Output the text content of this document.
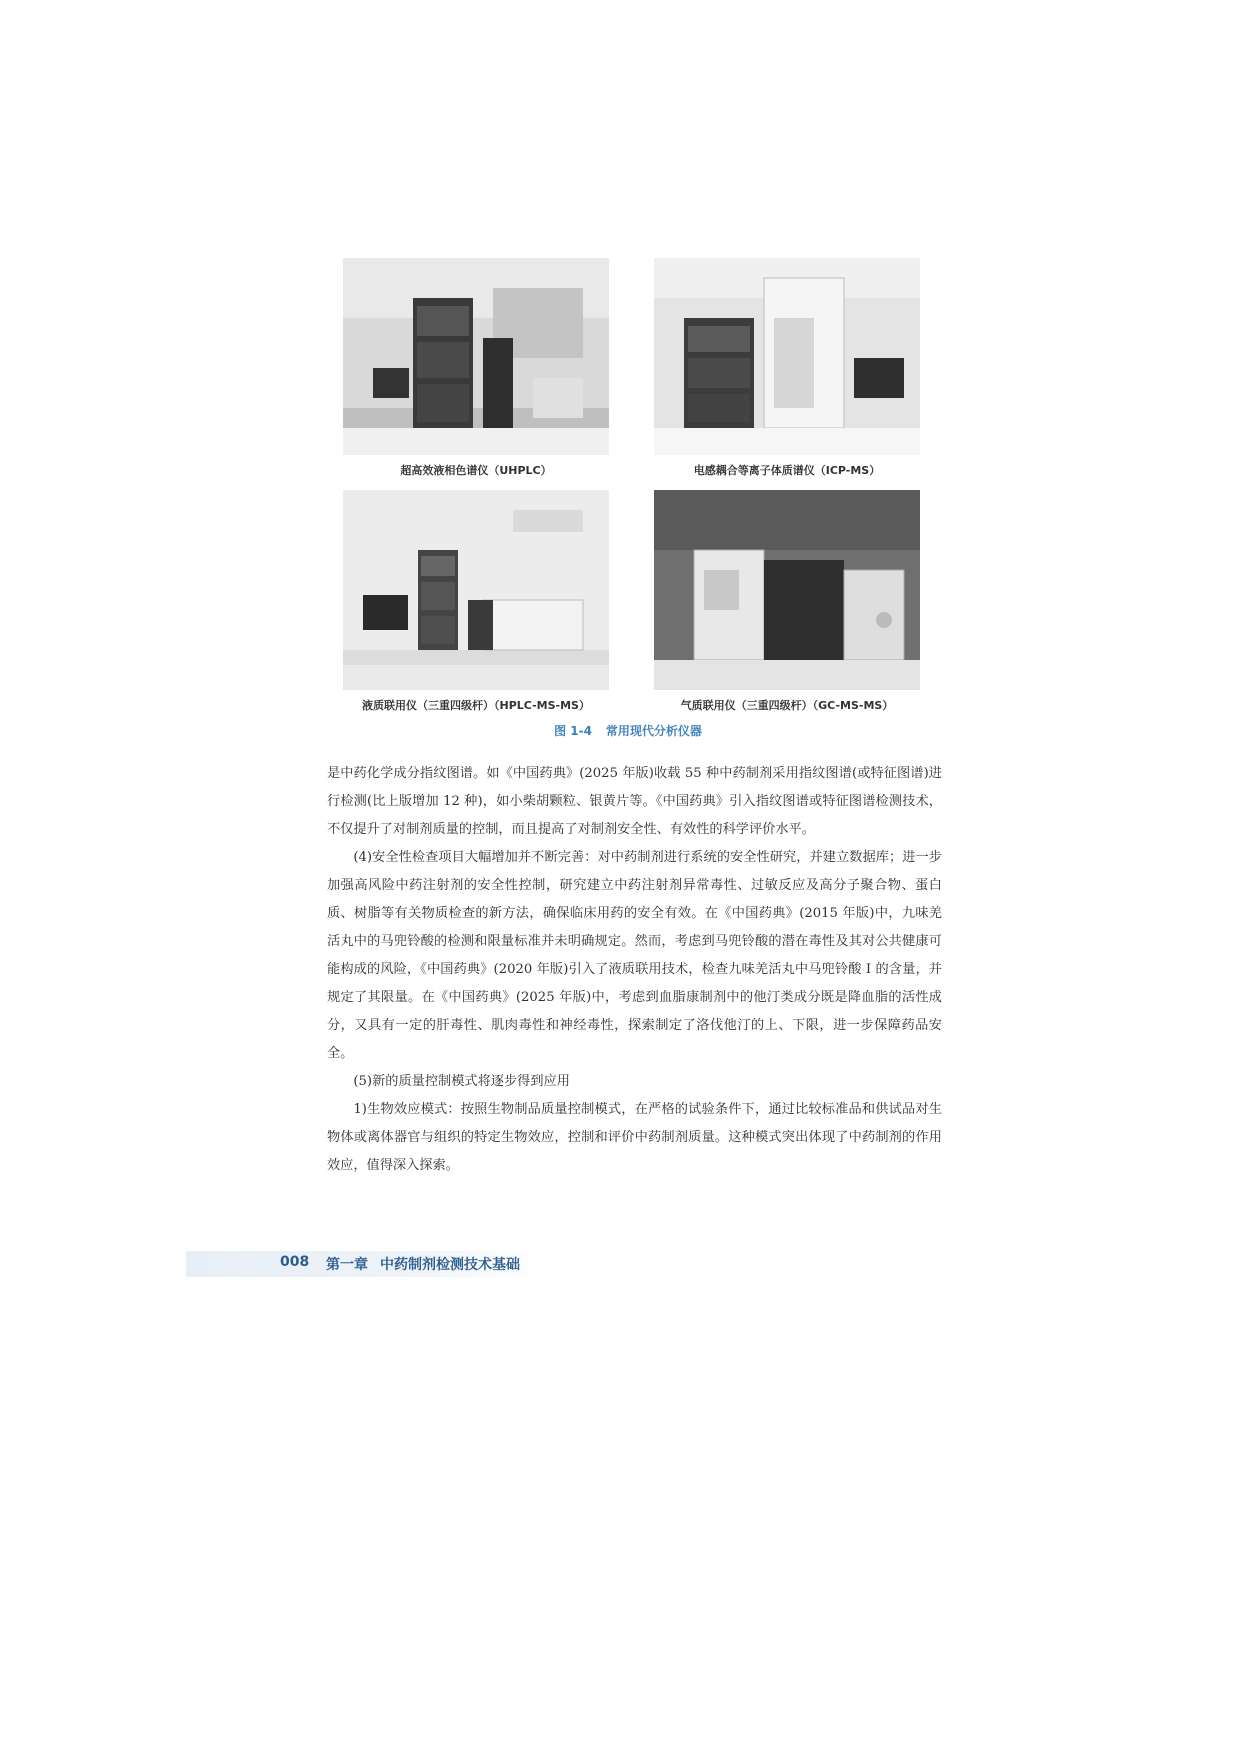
超高效液相色谱仪（UHPLC）	电感耦合等离子体质谱仪（ICP-MS）
液质联用仪（三重四级杆）（HPLC-MS-MS）	气质联用仪（三重四级杆）（GC-MS-MS）
图 1-4 常用现代分析仪器

是中药化学成分指纹图谱。如《中国药典》(2025 年版)收载 55 种中药制剂采用指纹图谱(或特征图谱)进行检测(比上版增加 12 种)，如小柴胡颗粒、银黄片等。《中国药典》引入指纹图谱或特征图谱检测技术，不仅提升了对制剂质量的控制，而且提高了对制剂安全性、有效性的科学评价水平。

(4)安全性检查项目大幅增加并不断完善：对中药制剂进行系统的安全性研究，并建立数据库；进一步加强高风险中药注射剂的安全性控制，研究建立中药注射剂异常毒性、过敏反应及高分子聚合物、蛋白质、树脂等有关物质检查的新方法，确保临床用药的安全有效。在《中国药典》(2015 年版)中，九味羌活丸中的马兜铃酸的检测和限量标准并未明确规定。然而，考虑到马兜铃酸的潜在毒性及其对公共健康可能构成的风险，《中国药典》(2020 年版)引入了液质联用技术，检查九味羌活丸中马兜铃酸 Ⅰ 的含量，并规定了其限量。在《中国药典》(2025 年版)中，考虑到血脂康制剂中的他汀类成分既是降血脂的活性成分，又具有一定的肝毒性、肌肉毒性和神经毒性，探索制定了洛伐他汀的上、下限，进一步保障药品安全。

(5)新的质量控制模式将逐步得到应用

1)生物效应模式：按照生物制品质量控制模式，在严格的试验条件下，通过比较标准品和供试品对生物体或离体器官与组织的特定生物效应，控制和评价中药制剂质量。这种模式突出体现了中药制剂的作用效应，值得深入探索。

008 第一章 中药制剂检测技术基础
